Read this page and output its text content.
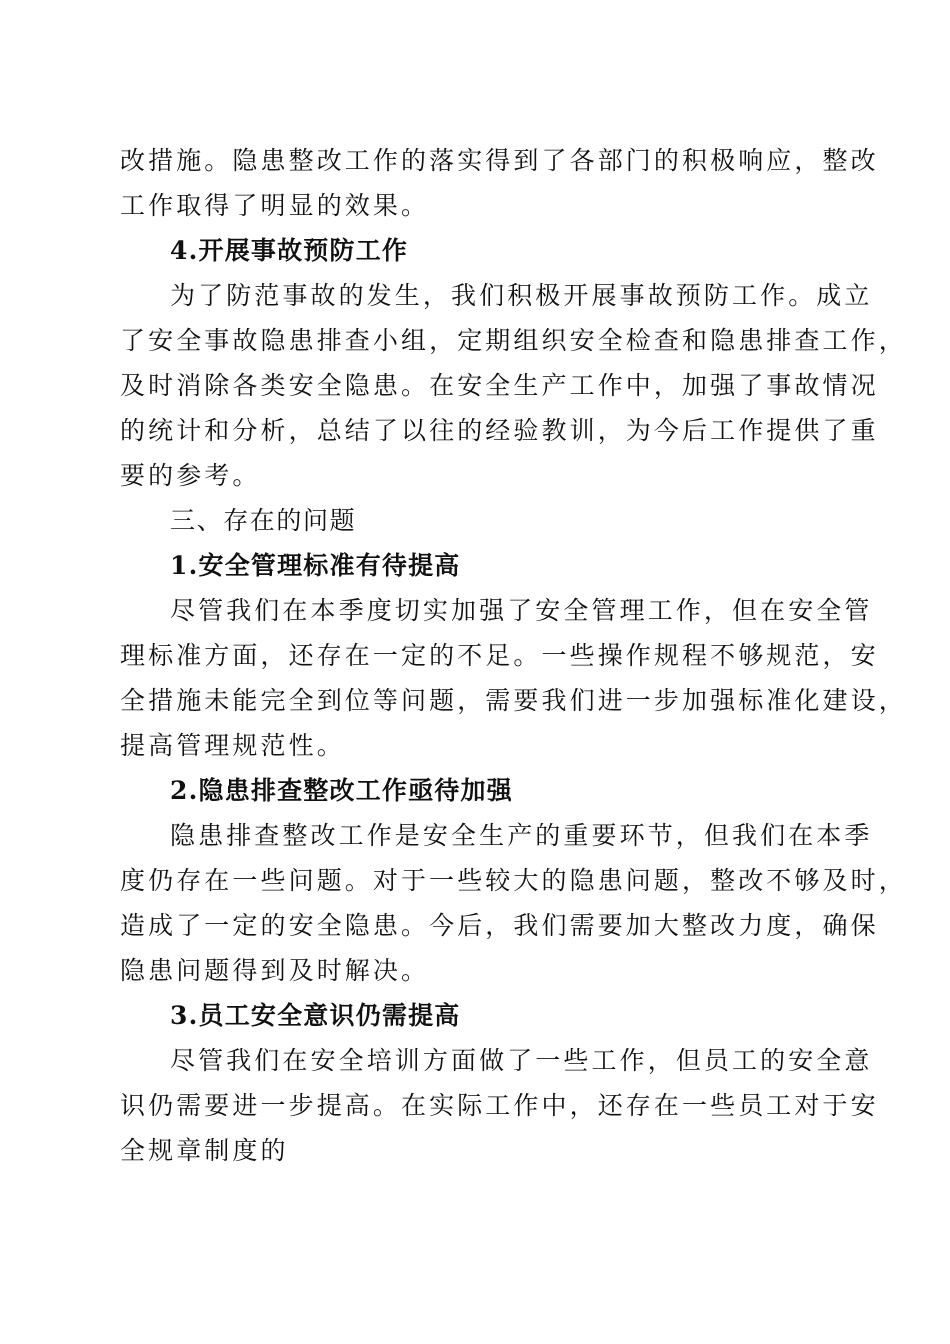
改措施。隐患整改工作的落实得到了各部门的积极响应，整改
工作取得了明显的效果。
4.开展事故预防工作
为了防范事故的发生，我们积极开展事故预防工作。成立
了安全事故隐患排查小组，定期组织安全检查和隐患排查工作，
及时消除各类安全隐患。在安全生产工作中，加强了事故情况
的统计和分析，总结了以往的经验教训，为今后工作提供了重
要的参考。
三、存在的问题
1.安全管理标准有待提高
尽管我们在本季度切实加强了安全管理工作，但在安全管
理标准方面，还存在一定的不足。一些操作规程不够规范，安
全措施未能完全到位等问题，需要我们进一步加强标准化建设，
提高管理规范性。
2.隐患排查整改工作亟待加强
隐患排查整改工作是安全生产的重要环节，但我们在本季
度仍存在一些问题。对于一些较大的隐患问题，整改不够及时，
造成了一定的安全隐患。今后，我们需要加大整改力度，确保
隐患问题得到及时解决。
3.员工安全意识仍需提高
尽管我们在安全培训方面做了一些工作，但员工的安全意
识仍需要进一步提高。在实际工作中，还存在一些员工对于安
全规章制度的
